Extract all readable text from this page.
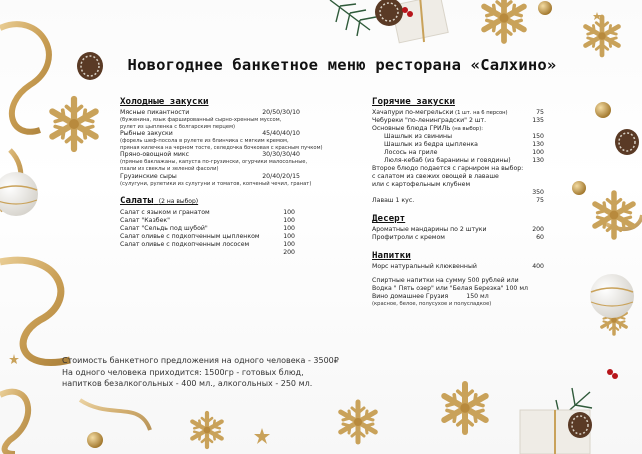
Новогоднее банкетное меню ресторана «Салхино»
Холодные закуски
Мясные пикантности	20/50/30/10
(буженина, язык фаршированный сырно-хренным муссом,
рулет из цыпленка с болгарским перцем)
Рыбные закуски	45/40/40/10
(форель шеф-посола в рулете из блинчика с мягким кремом,
пряная килечка на черном тосте, селедочка бочковая с красным пучком)
Пряно-овощной микс	30/30/30/40
(пряные баклажаны, капуста по-грузински, огурчики малосольные,
пхали из свеклы и зеленой фасоли)
Грузинские сыры	20/40/20/15
(сулугуни, рулетики из сулугуни и томатов, копченый чечил, гранат)
Салаты (2 на выбор)
Салат с языком и гранатом	100
Салат "Казбек"	100
Салат "Сельдь под шубой"	100
Салат оливье с подкопченным цыпленком	100
Салат оливье с подкопченным лососем	100
200
Горячие закуски
Хачапури по-мегрельски (1 шт. на 6 персон)	75
Чебуреки "по-ленинградски" 2 шт.	135
Основные блюда ГРИЛЬ (на выбор):
Шашлык из свинины	150
Шашлык из бедра цыпленка	130
Лосось на гриле	100
Люля-кебаб (из баранины и говядины)	130
Второе блюдо подается с гарниром на выбор:
с салатом из свежих овощей в лаваше
или с картофельным клубнем
350
Лаваш 1 кус.	75
Десерт
Ароматные мандарины по 2 штуки	200
Профитроли с кремом	60
Напитки
Морс натуральный клюквенный	400
Спиртные напитки на сумму 500 рублей или
Водка " Пять озер" или "Белая Березка" 100 мл
Вино домашнее Грузия	150 мл
(красное, белое, полусухое и полусладкое)
Стоимость банкетного предложения на одного человека - 3500₽
На одного человека приходится: 1500гр - готовых блюд,
напитков безалкогольных - 400 мл., алкогольных - 250 мл.
